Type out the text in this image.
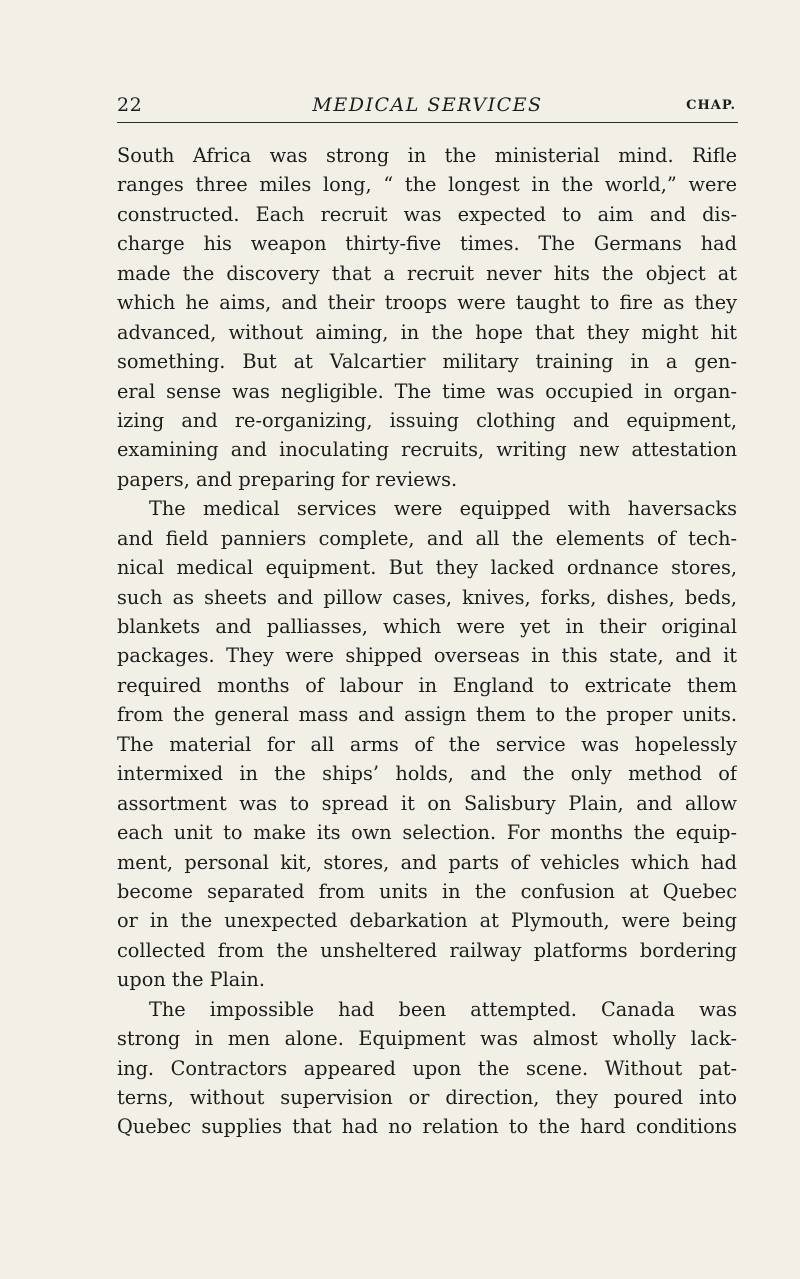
22	MEDICAL SERVICES	CHAP.
South Africa was strong in the ministerial mind. Rifle
ranges three miles long, “ the longest in the world,” were
constructed. Each recruit was expected to aim and dis-
charge his weapon thirty-five times. The Germans had
made the discovery that a recruit never hits the object at
which he aims, and their troops were taught to fire as they
advanced, without aiming, in the hope that they might hit
something. But at Valcartier military training in a gen-
eral sense was negligible. The time was occupied in organ-
izing and re-organizing, issuing clothing and equipment,
examining and inoculating recruits, writing new attestation
papers, and preparing for reviews.
The medical services were equipped with haversacks
and field panniers complete, and all the elements of tech-
nical medical equipment. But they lacked ordnance stores,
such as sheets and pillow cases, knives, forks, dishes, beds,
blankets and palliasses, which were yet in their original
packages. They were shipped overseas in this state, and it
required months of labour in England to extricate them
from the general mass and assign them to the proper units.
The material for all arms of the service was hopelessly
intermixed in the ships’ holds, and the only method of
assortment was to spread it on Salisbury Plain, and allow
each unit to make its own selection. For months the equip-
ment, personal kit, stores, and parts of vehicles which had
become separated from units in the confusion at Quebec
or in the unexpected debarkation at Plymouth, were being
collected from the unsheltered railway platforms bordering
upon the Plain.
The impossible had been attempted. Canada was
strong in men alone. Equipment was almost wholly lack-
ing. Contractors appeared upon the scene. Without pat-
terns, without supervision or direction, they poured into
Quebec supplies that had no relation to the hard conditions
